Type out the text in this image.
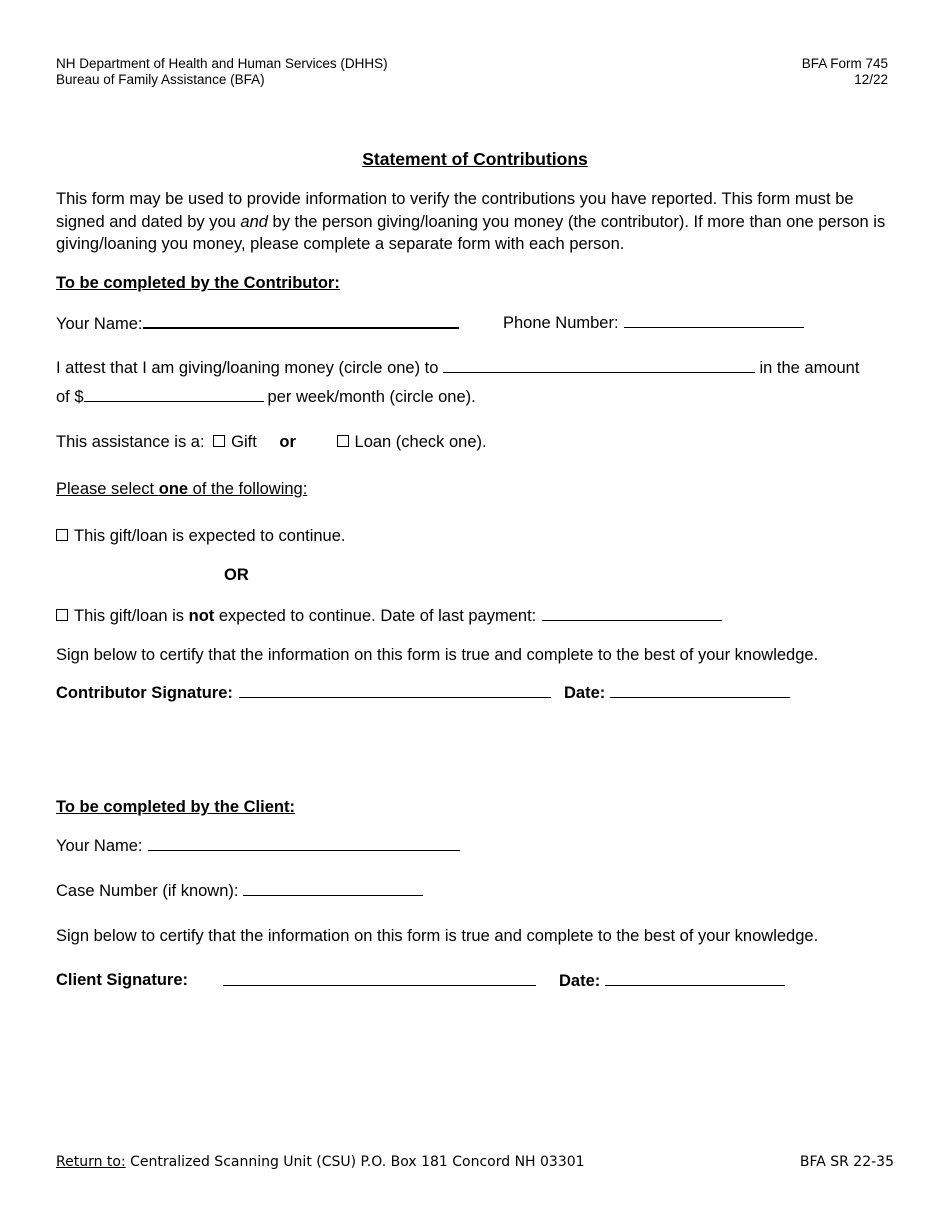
NH Department of Health and Human Services (DHHS)
Bureau of Family Assistance (BFA)
BFA Form 745
12/22
Statement of Contributions
This form may be used to provide information to verify the contributions you have reported. This form must be signed and dated by you and by the person giving/loaning you money (the contributor). If more than one person is giving/loaning you money, please complete a separate form with each person.
To be completed by the Contributor:
Your Name:	Phone Number:
I attest that I am giving/loaning money (circle one) to	in the amount
of $	per week/month (circle one).
This assistance is a: Gift or	Loan (check one).
Please select one of the following:
This gift/loan is expected to continue.
OR
This gift/loan is not expected to continue. Date of last payment:
Sign below to certify that the information on this form is true and complete to the best of your knowledge.
Contributor Signature:	Date:
To be completed by the Client:
Your Name:
Case Number (if known):
Sign below to certify that the information on this form is true and complete to the best of your knowledge.
Client Signature:	Date:
Return to: Centralized Scanning Unit (CSU) P.O. Box 181 Concord NH 03301	BFA SR 22-35
